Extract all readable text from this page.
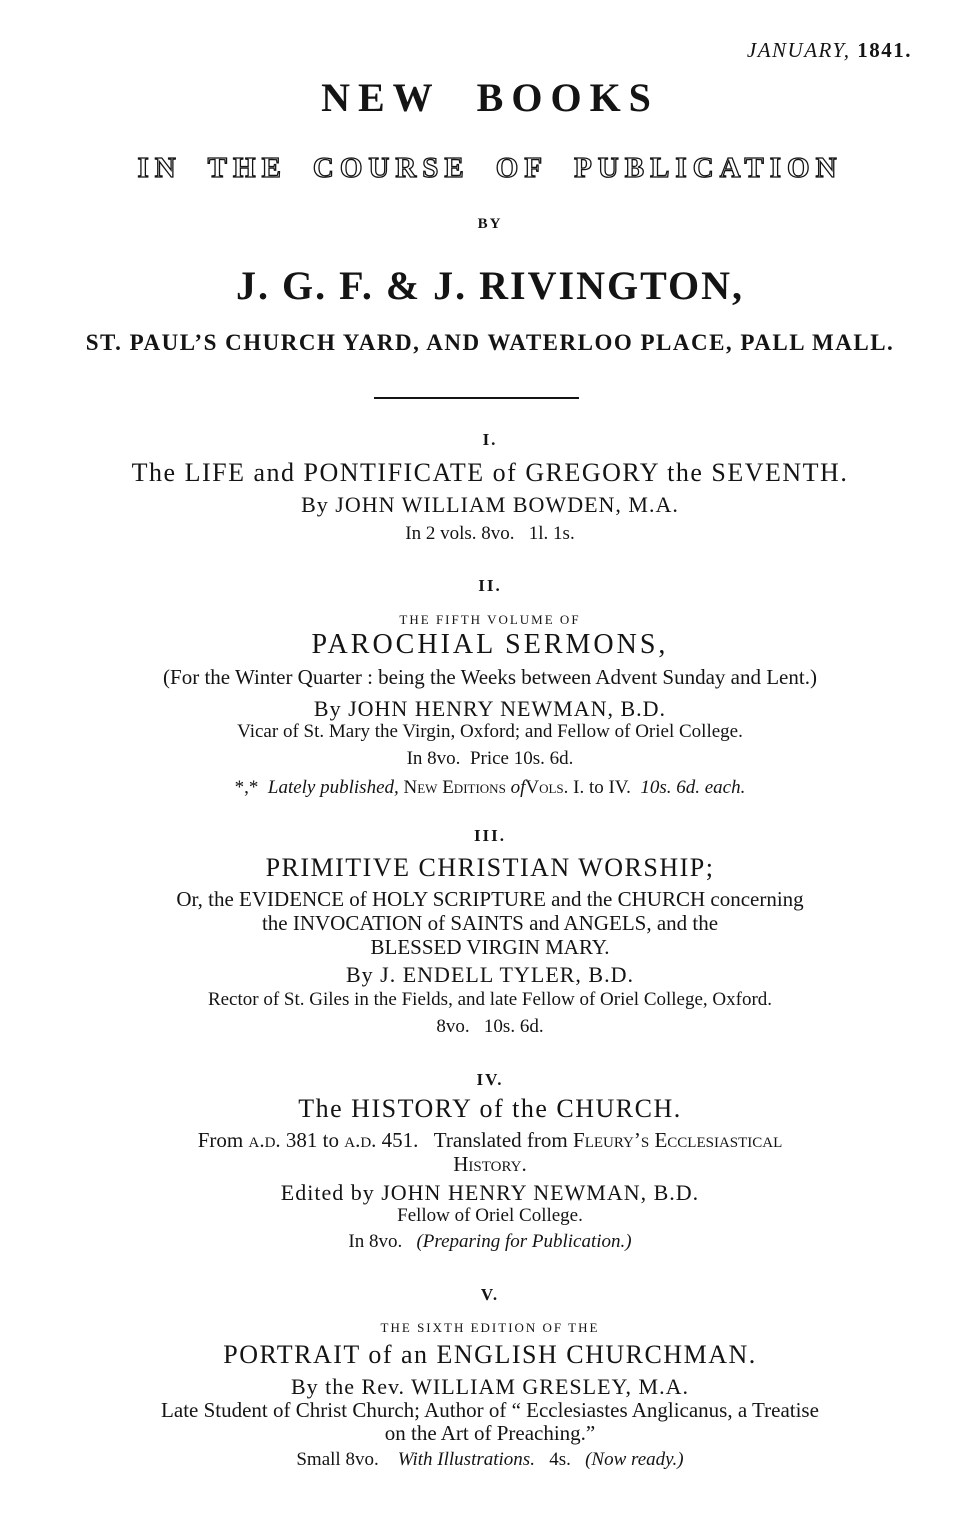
JANUARY, 1841.
NEW BOOKS
IN THE COURSE OF PUBLICATION
BY
J. G. F. & J. RIVINGTON,
ST. PAUL’S CHURCH YARD, AND WATERLOO PLACE, PALL MALL.
I.
The LIFE and PONTIFICATE of GREGORY the SEVENTH.
By JOHN WILLIAM BOWDEN, M.A.
In 2 vols. 8vo. 1l. 1s.
II.
THE FIFTH VOLUME OF
PAROCHIAL SERMONS,
(For the Winter Quarter : being the Weeks between Advent Sunday and Lent.)
By JOHN HENRY NEWMAN, B.D.
Vicar of St. Mary the Virgin, Oxford; and Fellow of Oriel College.
In 8vo. Price 10s. 6d.
*,* Lately published, New Editions ofVols. I. to IV. 10s. 6d. each.
III.
PRIMITIVE CHRISTIAN WORSHIP;
Or, the EVIDENCE of HOLY SCRIPTURE and the CHURCH concerning
the INVOCATION of SAINTS and ANGELS, and the
BLESSED VIRGIN MARY.
By J. ENDELL TYLER, B.D.
Rector of St. Giles in the Fields, and late Fellow of Oriel College, Oxford.
8vo. 10s. 6d.
IV.
The HISTORY of the CHURCH.
From a.d. 381 to a.d. 451. Translated from Fleury’s Ecclesiastical
History.
Edited by JOHN HENRY NEWMAN, B.D.
Fellow of Oriel College.
In 8vo. (Preparing for Publication.)
V.
THE SIXTH EDITION OF THE
PORTRAIT of an ENGLISH CHURCHMAN.
By the Rev. WILLIAM GRESLEY, M.A.
Late Student of Christ Church; Author of “ Ecclesiastes Anglicanus, a Treatise
on the Art of Preaching.”
Small 8vo. With Illustrations. 4s. (Now ready.)
